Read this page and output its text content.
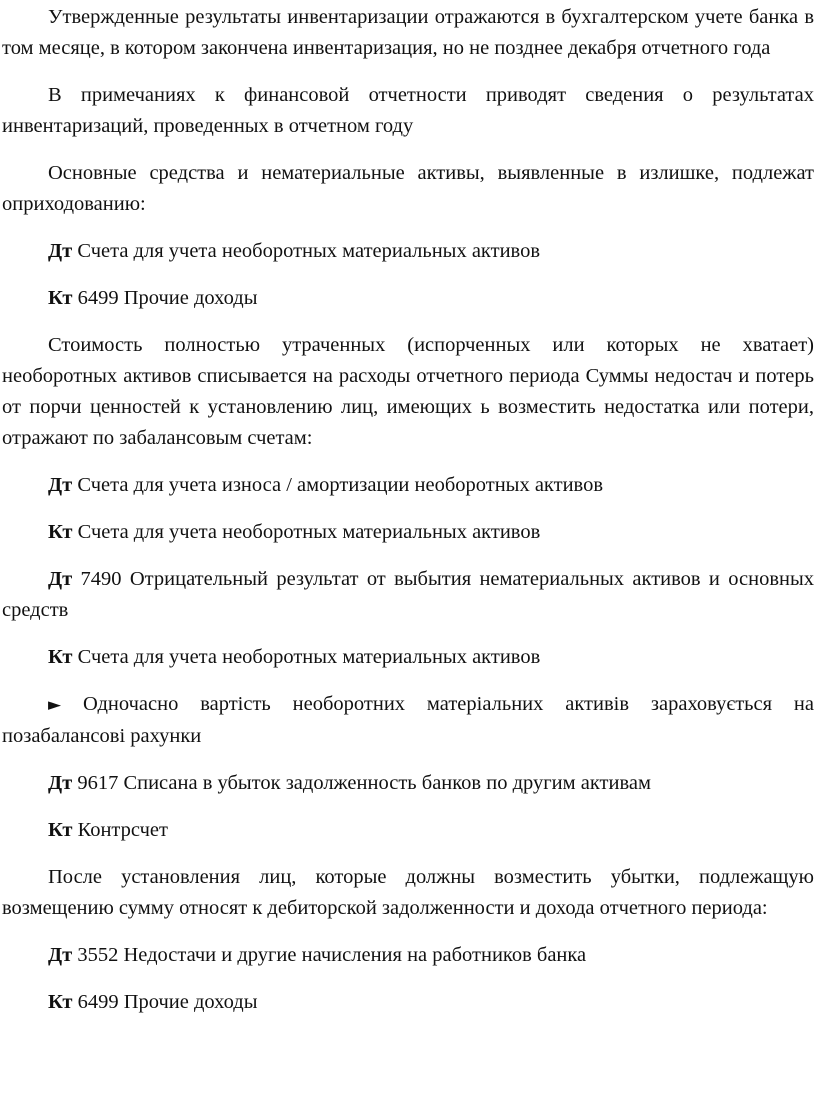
Утвержденные результаты инвентаризации отражаются в бухгалтерском учете банка в том месяце, в котором закончена инвентаризация, но не позднее декабря отчетного года

В примечаниях к финансовой отчетности приводят сведения о результатах инвентаризаций, проведенных в отчетном году

Основные средства и нематериальные активы, выявленные в излишке, подлежат оприходованию:

Дт Счета для учета необоротных материальных активов

Кт 6499 Прочие доходы

Стоимость полностью утраченных (испорченных или которых не хватает) необоротных активов списывается на расходы отчетного периода Суммы недостач и потерь от порчи ценностей к установлению лиц, имеющих ь возместить недостатка или потери, отражают по забалансовым счетам:

Дт Счета для учета износа / амортизации необоротных активов

Кт Счета для учета необоротных материальных активов

Дт 7490 Отрицательный результат от выбытия нематериальных активов и основных средств

Кт Счета для учета необоротных материальных активов

► Одночасно вартість необоротних матеріальних активів зараховується на позабалансові рахунки

Дт 9617 Списана в убыток задолженность банков по другим активам

Кт Контрсчет

После установления лиц, которые должны возместить убытки, подлежащую возмещению сумму относят к дебиторской задолженности и дохода отчетного периода:

Дт 3552 Недостачи и другие начисления на работников банка

Кт 6499 Прочие доходы
